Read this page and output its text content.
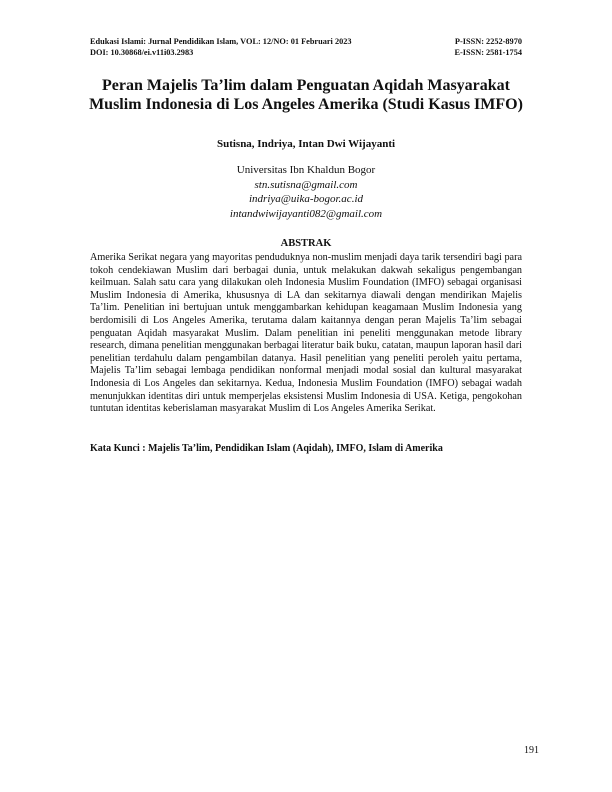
Edukasi Islami: Jurnal Pendidikan Islam, VOL: 12/NO: 01 Februari 2023	P-ISSN: 2252-8970
DOI: 10.30868/ei.v11i03.2983	E-ISSN: 2581-1754
Peran Majelis Ta’lim dalam Penguatan Aqidah Masyarakat
Muslim Indonesia di Los Angeles Amerika (Studi Kasus IMFO)
Sutisna, Indriya, Intan Dwi Wijayanti
Universitas Ibn Khaldun Bogor
stn.sutisna@gmail.com
indriya@uika-bogor.ac.id
intandwiwijayanti082@gmail.com
ABSTRAK
Amerika Serikat negara yang mayoritas penduduknya non-muslim menjadi daya tarik tersendiri bagi para tokoh cendekiawan Muslim dari berbagai dunia, untuk melakukan dakwah sekaligus pengembangan keilmuan. Salah satu cara yang dilakukan oleh Indonesia Muslim Foundation (IMFO) sebagai organisasi Muslim Indonesia di Amerika, khususnya di LA dan sekitarnya diawali dengan mendirikan Majelis Ta’lim. Penelitian ini bertujuan untuk menggambarkan kehidupan keagamaan Muslim Indonesia yang berdomisili di Los Angeles Amerika, terutama dalam kaitannya dengan peran Majelis Ta’lim sebagai penguatan Aqidah masyarakat Muslim. Dalam penelitian ini peneliti menggunakan metode library research, dimana penelitian menggunakan berbagai literatur baik buku, catatan, maupun laporan hasil dari penelitian terdahulu dalam pengambilan datanya. Hasil penelitian yang peneliti peroleh yaitu pertama, Majelis Ta’lim sebagai lembaga pendidikan nonformal menjadi modal sosial dan kultural masyarakat Indonesia di Los Angeles dan sekitarnya. Kedua, Indonesia Muslim Foundation (IMFO) sebagai wadah menunjukkan identitas diri untuk memperjelas eksistensi Muslim Indonesia di USA. Ketiga, pengokohan tuntutan identitas keberislaman masyarakat Muslim di Los Angeles Amerika Serikat.
Kata Kunci : Majelis Ta’lim, Pendidikan Islam (Aqidah), IMFO, Islam di Amerika
191
